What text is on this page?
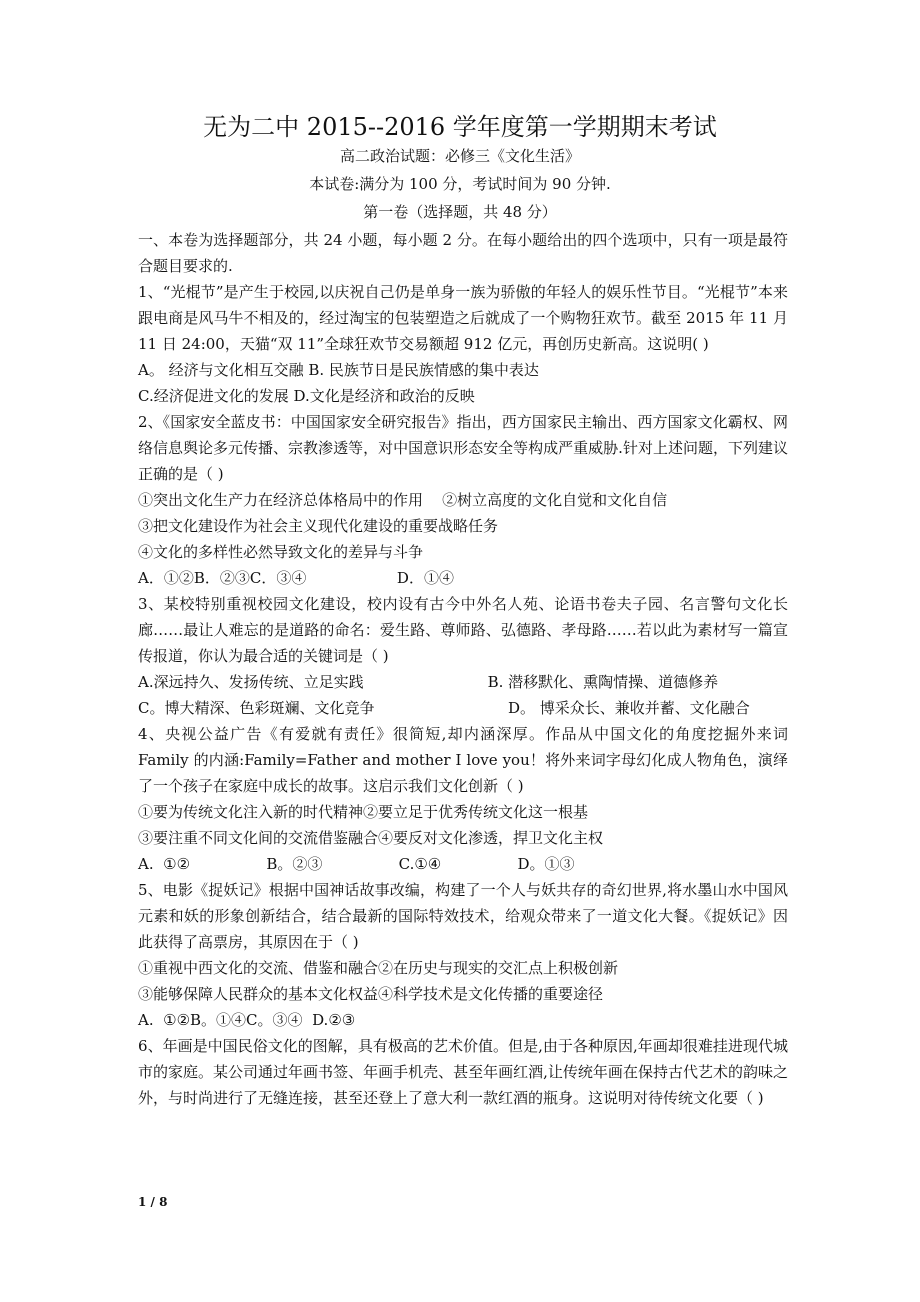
无为二中 2015--2016 学年度第一学期期末考试
高二政治试题：必修三《文化生活》
本试卷:满分为 100 分，考试时间为 90 分钟.
第一卷（选择题，共 48 分）

一、本卷为选择题部分，共 24 小题，每小题 2 分。在每小题给出的四个选项中，只有一项是最符合题目要求的.

1、“光棍节”是产生于校园,以庆祝自己仍是单身一族为骄傲的年轻人的娱乐性节目。“光棍节”本来跟电商是风马牛不相及的，经过淘宝的包装塑造之后就成了一个购物狂欢节。截至 2015 年 11 月 11 日 24:00，天猫“双 11”全球狂欢节交易额超 912 亿元，再创历史新高。这说明( )

A。 经济与文化相互交融 B. 民族节日是民族情感的集中表达

C.经济促进文化的发展 D.文化是经济和政治的反映

2、《国家安全蓝皮书：中国国家安全研究报告》指出，西方国家民主输出、西方国家文化霸权、网络信息舆论多元传播、宗教渗透等，对中国意识形态安全等构成严重威胁.针对上述问题，下列建议正确的是（ )

①突出文化生产力在经济总体格局中的作用    ②树立高度的文化自觉和文化自信

③把文化建设作为社会主义现代化建设的重要战略任务

④文化的多样性必然导致文化的差异与斗争

A．①②B．②③C．③④                   D．①④

3、某校特别重视校园文化建设，校内设有古今中外名人苑、论语书卷夫子园、名言警句文化长廊……最让人难忘的是道路的命名：爱生路、尊师路、弘德路、孝母路……若以此为素材写一篇宣传报道，你认为最合适的关键词是（ )

A.深远持久、发扬传统、立足实践                          B. 潜移默化、熏陶情操、道德修养

C。博大精深、色彩斑斓、文化竞争                            D。 博采众长、兼收并蓄、文化融合

4、央视公益广告《有爱就有责任》很简短,却内涵深厚。作品从中国文化的角度挖掘外来词 Family 的内涵:Family=Father and mother I love you！将外来词字母幻化成人物角色，演绎了一个孩子在家庭中成长的故事。这启示我们文化创新（ )

①要为传统文化注入新的时代精神②要立足于优秀传统文化这一根基

③要注重不同文化间的交流借鉴融合④要反对文化渗透，捍卫文化主权

A.  ①②                B。②③                C.①④                D。①③

5、电影《捉妖记》根据中国神话故事改编，构建了一个人与妖共存的奇幻世界,将水墨山水中国风元素和妖的形象创新结合，结合最新的国际特效技术，给观众带来了一道文化大餐。《捉妖记》因此获得了高票房，其原因在于（ )

①重视中西文化的交流、借鉴和融合②在历史与现实的交汇点上积极创新

③能够保障人民群众的基本文化权益④科学技术是文化传播的重要途径

A.  ①②B。①④C。③④  D.②③

6、年画是中国民俗文化的图解，具有极高的艺术价值。但是,由于各种原因,年画却很难挂进现代城市的家庭。某公司通过年画书签、年画手机壳、甚至年画红酒,让传统年画在保持古代艺术的韵味之外，与时尚进行了无缝连接，甚至还登上了意大利一款红酒的瓶身。这说明对待传统文化要（ )

1 / 8
